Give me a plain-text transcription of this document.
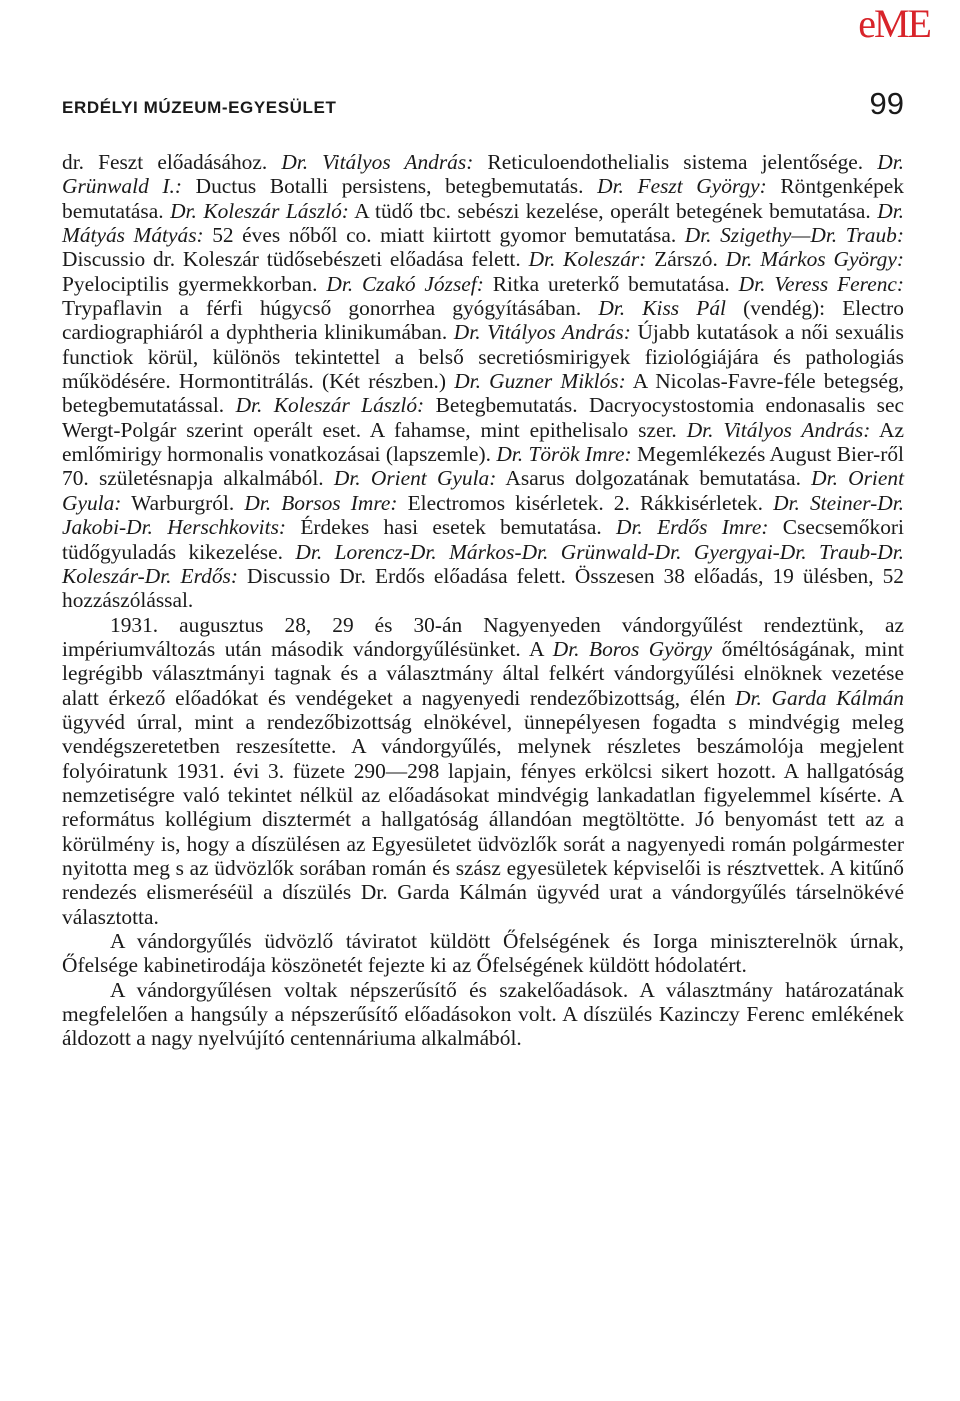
eME
ERDÉLYI MÚZEUM-EGYESÜLET	99

dr. Feszt előadásához. Dr. Vitályos András: Reticuloendothelialis sistema jelentősége. Dr. Grünwald I.: Ductus Botalli persistens, betegbemutatás. Dr. Feszt György: Röntgenképek bemutatása. Dr. Koleszár László: A tüdő tbc. sebészi kezelése, operált betegének bemutatása. Dr. Mátyás Mátyás: 52 éves nőből co. miatt kiirtott gyomor bemutatása. Dr. Szigethy—Dr. Traub: Discussio dr. Koleszár tüdősebészeti előadása felett. Dr. Koleszár: Zárszó. Dr. Márkos György: Pyelociptilis gyermekkorban. Dr. Czakó József: Ritka ureterkő bemutatása. Dr. Veress Ferenc: Trypaflavin a férfi húgycső gonorrhea gyógyításában. Dr. Kiss Pál (vendég): Electro cardiographiáról a dyphtheria klinikumában. Dr. Vitályos András: Újabb kutatások a női sexuális functiok körül, különös tekintettel a belső secretiósmirigyek fiziológiájára és pathologiás működésére. Hormontitrálás. (Két részben.) Dr. Guzner Miklós: A Nicolas-Favre-féle betegség, betegbemutatással. Dr. Koleszár László: Betegbemutatás. Dacryocystostomia endonasalis sec Wergt-Polgár szerint operált eset. A fahamse, mint epithelisalo szer. Dr. Vitályos András: Az emlőmirigy hormonalis vonatkozásai (lapszemle). Dr. Török Imre: Megemlékezés August Bier-ről 70. születésnapja alkalmából. Dr. Orient Gyula: Asarus dolgozatának bemutatása. Dr. Orient Gyula: Warburgról. Dr. Borsos Imre: Electromos kisérletek. 2. Rákkisérletek. Dr. Steiner-Dr. Jakobi-Dr. Herschkovits: Érdekes hasi esetek bemutatása. Dr. Erdős Imre: Csecsemőkori tüdőgyuladás kikezelése. Dr. Lorencz-Dr. Márkos-Dr. Grünwald-Dr. Gyergyai-Dr. Traub-Dr. Koleszár-Dr. Erdős: Discussio Dr. Erdős előadása felett. Összesen 38 előadás, 19 ülésben, 52 hozzászólással.

1931. augusztus 28, 29 és 30-án Nagyenyeden vándorgyűlést rendeztünk, az impériumváltozás után második vándorgyűlésünket. A Dr. Boros György őméltóságának, mint legrégibb választmányi tagnak és a választmány által felkért vándorgyűlési elnöknek vezetése alatt érkező előadókat és vendégeket a nagyenyedi rendezőbizottság, élén Dr. Garda Kálmán ügyvéd úrral, mint a rendezőbizottság elnökével, ünnepélyesen fogadta s mindvégig meleg vendégszeretetben reszesítette. A vándorgyűlés, melynek részletes beszámolója megjelent folyóiratunk 1931. évi 3. füzete 290—298 lapjain, fényes erkölcsi sikert hozott. A hallgatóság nemzetiségre való tekintet nélkül az előadásokat mindvégig lankadatlan figyelemmel kísérte. A református kollégium disztermét a hallgatóság állandóan megtöltötte. Jó benyomást tett az a körülmény is, hogy a díszülésen az Egyesületet üdvözlők sorát a nagyenyedi román polgármester nyitotta meg s az üdvözlők sorában román és szász egyesületek képviselői is résztvettek. A kitűnő rendezés elismeréséül a díszülés Dr. Garda Kálmán ügyvéd urat a vándorgyűlés társelnökévé választotta.

A vándorgyűlés üdvözlő táviratot küldött Őfelségének és Iorga miniszterelnök úrnak, Őfelsége kabinetirodája köszönetét fejezte ki az Őfelségének küldött hódolatért.

A vándorgyűlésen voltak népszerűsítő és szakelőadások. A választmány határozatának megfelelően a hangsúly a népszerűsítő előadásokon volt. A díszülés Kazinczy Ferenc emlékének áldozott a nagy nyelvújító centennáriuma alkalmából.
